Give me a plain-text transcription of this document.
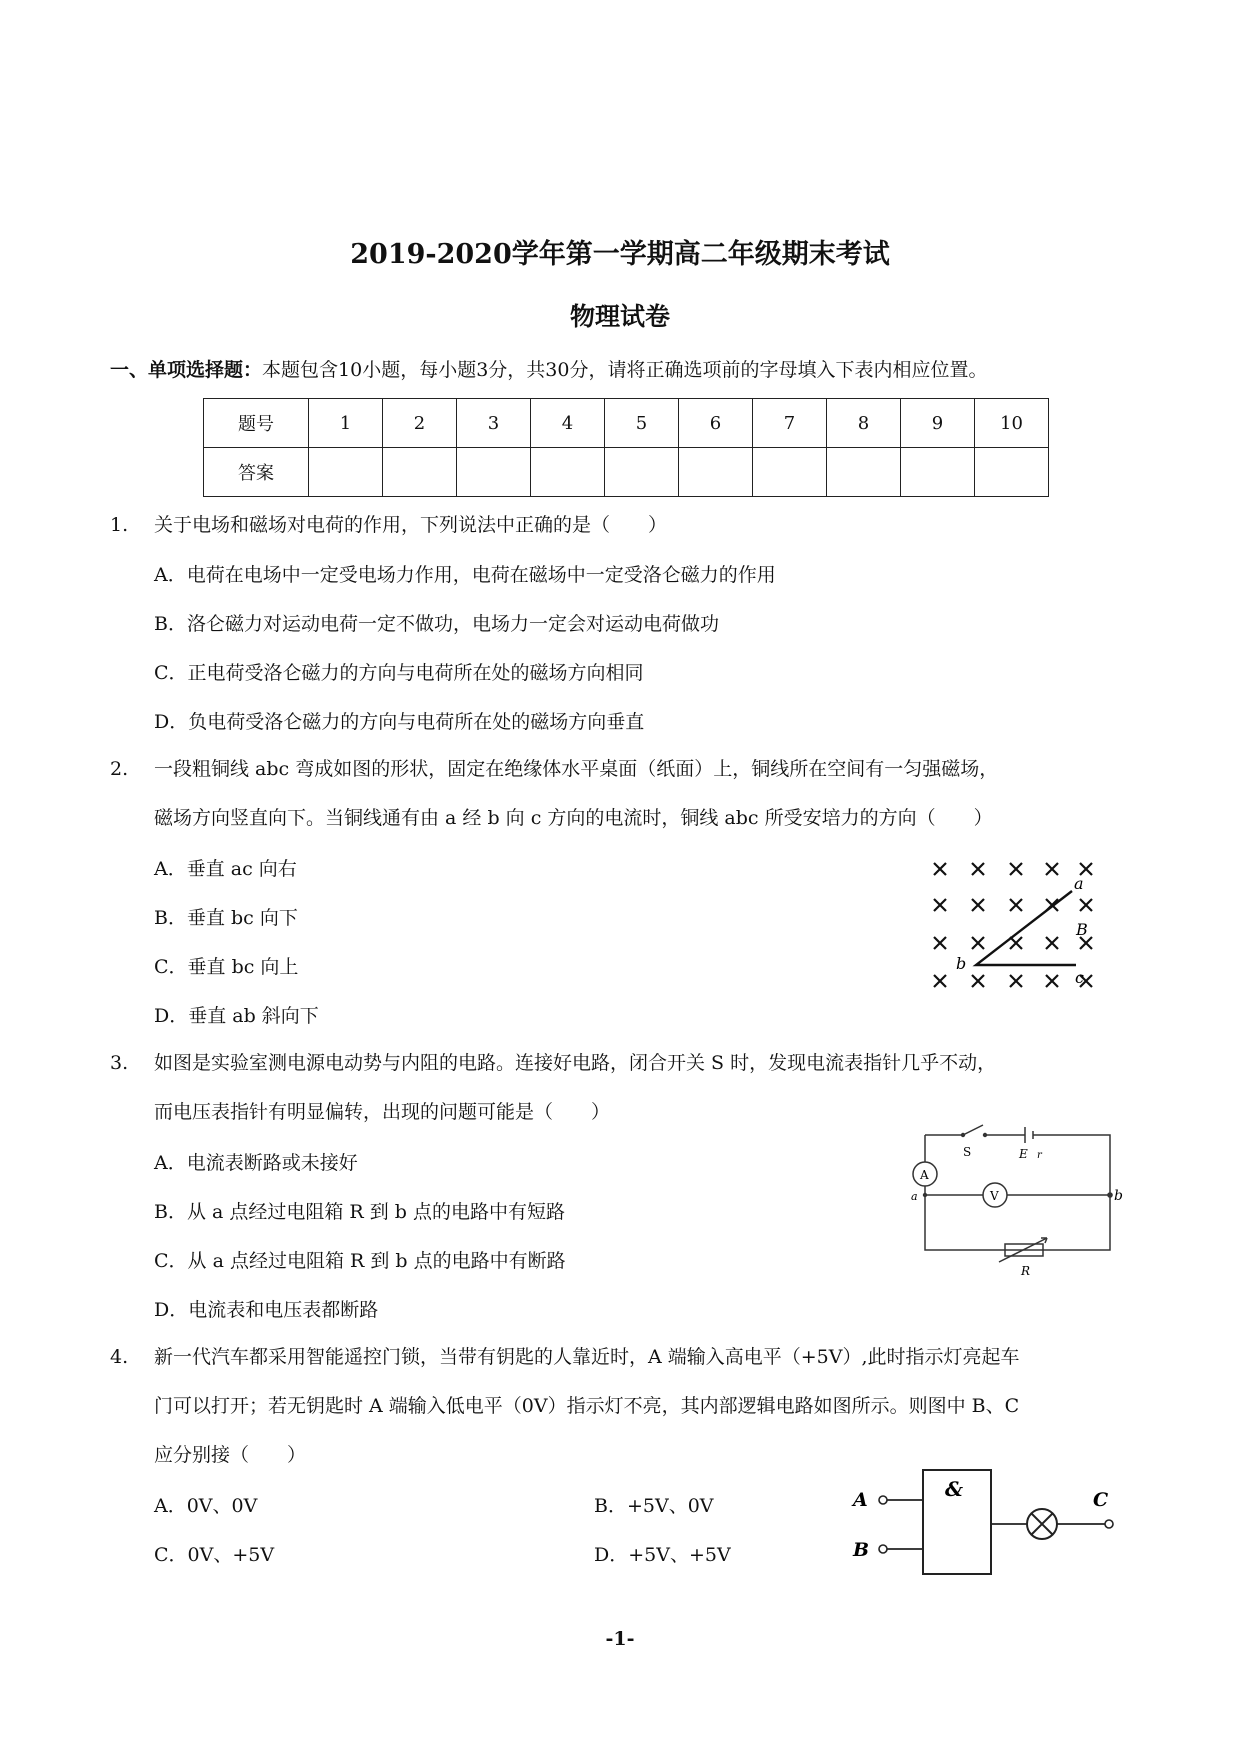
2019-2020学年第一学期高二年级期末考试
物理试卷
一、单项选择题：本题包含10小题，每小题3分，共30分，请将正确选项前的字母填入下表内相应位置。
题号	1	2	3	4	5	6	7	8	9	10
答案										
1. 关于电场和磁场对电荷的作用，下列说法中正确的是（　　）
A．电荷在电场中一定受电场力作用，电荷在磁场中一定受洛仑磁力的作用
B．洛仑磁力对运动电荷一定不做功，电场力一定会对运动电荷做功
C．正电荷受洛仑磁力的方向与电荷所在处的磁场方向相同
D．负电荷受洛仑磁力的方向与电荷所在处的磁场方向垂直
2. 一段粗铜线 abc 弯成如图的形状，固定在绝缘体水平桌面（纸面）上，铜线所在空间有一匀强磁场，
磁场方向竖直向下。当铜线通有由 a 经 b 向 c 方向的电流时，铜线 abc 所受安培力的方向（　　）
A．垂直 ac 向右
B．垂直 bc 向下
C．垂直 bc 向上
D．垂直 ab 斜向下
a
b
c
B
3. 如图是实验室测电源电动势与内阻的电路。连接好电路，闭合开关 S 时，发现电流表指针几乎不动，
而电压表指针有明显偏转，出现的问题可能是（　　）
A．电流表断路或未接好
B．从 a 点经过电阻箱 R 到 b 点的电路中有短路
C．从 a 点经过电阻箱 R 到 b 点的电路中有断路
D．电流表和电压表都断路
A
V
S	E r
a	b
R
4. 新一代汽车都采用智能遥控门锁，当带有钥匙的人靠近时，A 端输入高电平（+5V）,此时指示灯亮起车
门可以打开；若无钥匙时 A 端输入低电平（0V）指示灯不亮，其内部逻辑电路如图所示。则图中 B、C
应分别接（　　）
A．0V、0V	B．+5V、0V
C．0V、+5V	D．+5V、+5V
&
A
B
C
-1-
